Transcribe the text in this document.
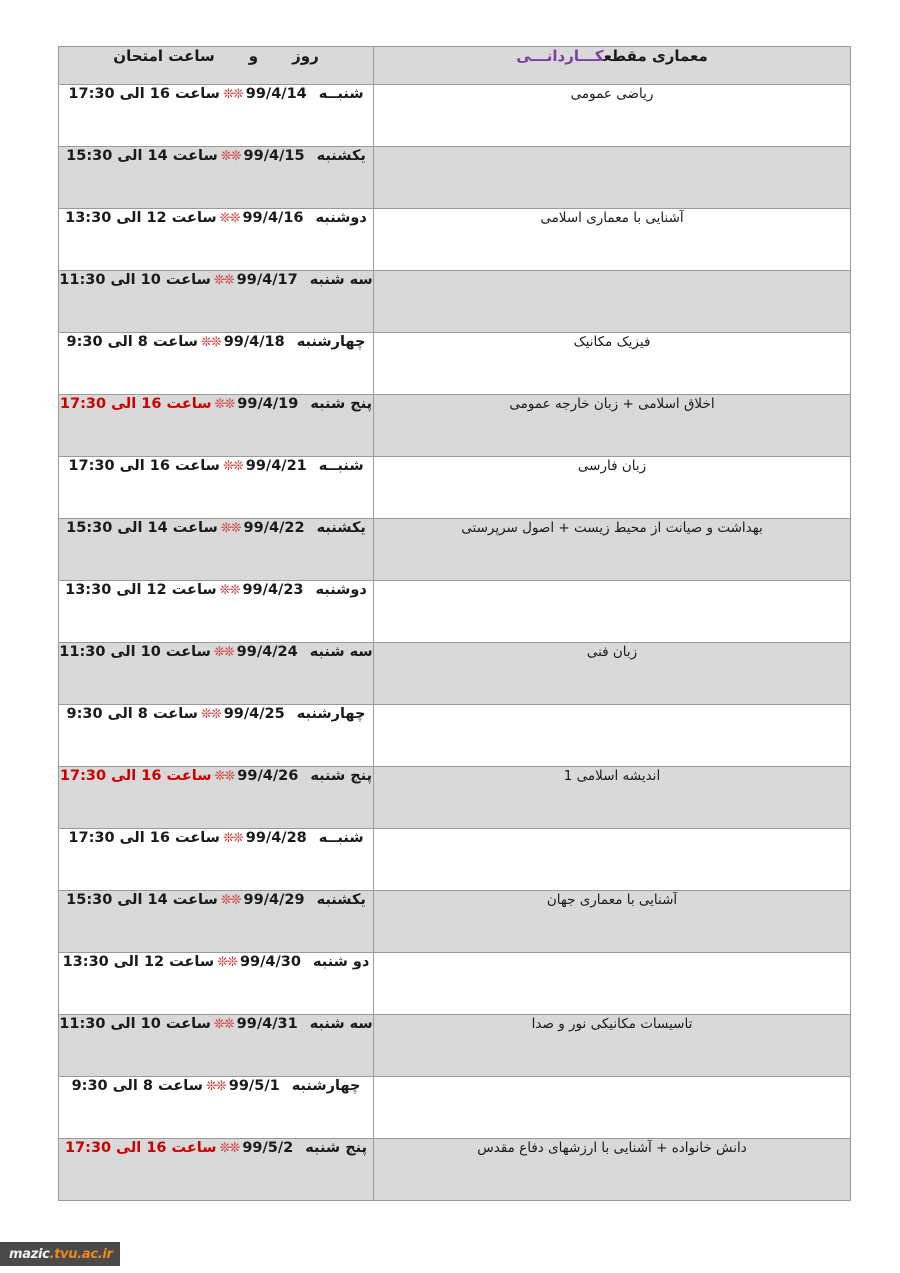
معماری مقطعکـــاردانـــی	روزوساعت امتحان
ریاضی عمومی	شنبــه99/4/14❊❊ساعت 16 الی 17:30
	یکشنبه99/4/15❊❊ساعت 14 الی 15:30
آشنایی با معماری اسلامی	دوشنبه99/4/16❊❊ساعت 12 الی 13:30
	سه شنبه99/4/17❊❊ساعت 10 الی 11:30
فیزیک مکانیک	چهارشنبه99/4/18❊❊ساعت 8 الی 9:30
اخلاق اسلامی + زبان خارجه عمومی	پنج شنبه99/4/19❊❊ساعت 16 الی 17:30
زبان فارسی	شنبــه99/4/21❊❊ساعت 16 الی 17:30
بهداشت و صیانت از محیط زیست + اصول سرپرستی	یکشنبه99/4/22❊❊ساعت 14 الی 15:30
	دوشنبه99/4/23❊❊ساعت 12 الی 13:30
زبان فنی	سه شنبه99/4/24❊❊ساعت 10 الی 11:30
	چهارشنبه99/4/25❊❊ساعت 8 الی 9:30
اندیشه اسلامی 1	پنج شنبه99/4/26❊❊ساعت 16 الی 17:30
	شنبــه99/4/28❊❊ساعت 16 الی 17:30
آشنایی با معماری جهان	یکشنبه99/4/29❊❊ساعت 14 الی 15:30
	دو شنبه99/4/30❊❊ساعت 12 الی 13:30
تاسیسات مکانیکی نور و صدا	سه شنبه99/4/31❊❊ساعت 10 الی 11:30
	چهارشنبه99/5/1❊❊ساعت 8 الی 9:30
دانش خانواده + آشنایی با ارزشهای دفاع مقدس	پنج شنبه99/5/2❊❊ساعت 16 الی 17:30
mazic .tvu.ac.ir
